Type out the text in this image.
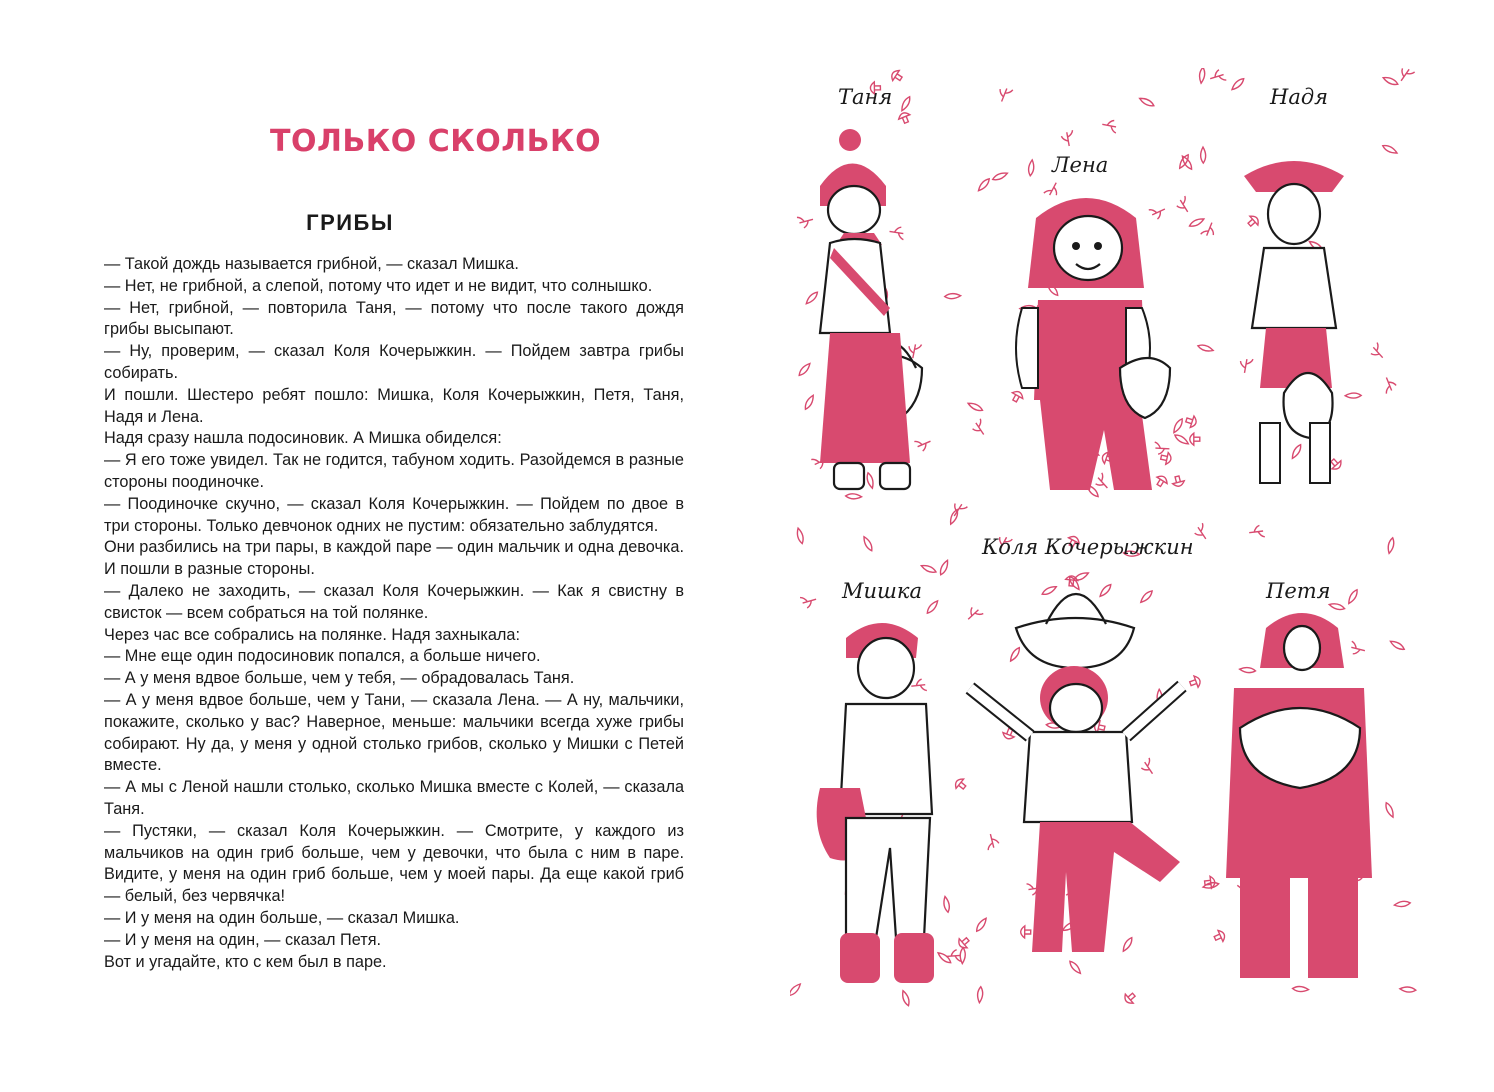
ТОЛЬКО СКОЛЬКО
ГРИБЫ

— Такой дождь называется грибной, — сказал Мишка.

— Нет, не грибной, а слепой, потому что идет и не видит, что солнышко.

— Нет, грибной, — повторила Таня, — потому что после такого дождя грибы высыпают.

— Ну, проверим, — сказал Коля Кочерыжкин. — Пойдем завтра грибы собирать.

И пошли. Шестеро ребят пошло: Мишка, Коля Кочерыжкин, Петя, Таня, Надя и Лена.

Надя сразу нашла подосиновик. А Мишка обиделся:

— Я его тоже увидел. Так не годится, табуном ходить. Разойдемся в разные стороны поодиночке.

— Поодиночке скучно, — сказал Коля Кочерыжкин. — Пойдем по двое в три стороны. Только девчонок одних не пустим: обязательно заблудятся.

Они разбились на три пары, в каждой паре — один мальчик и одна девочка. И пошли в разные стороны.

— Далеко не заходить, — сказал Коля Кочерыжкин. — Как я свистну в свисток — всем собраться на той полянке.

Через час все собрались на полянке. Надя захныкала:

— Мне еще один подосиновик попался, а больше ничего.

— А у меня вдвое больше, чем у тебя, — обрадовалась Таня.

— А у меня вдвое больше, чем у Тани, — сказала Лена. — А ну, мальчики, покажите, сколько у вас? Наверное, меньше: мальчики всегда хуже грибы собирают. Ну да, у меня у одной столько грибов, сколько у Мишки с Петей вместе.

— А мы с Леной нашли столько, сколько Мишка вместе с Колей, — сказала Таня.

— Пустяки, — сказал Коля Кочерыжкин. — Смотрите, у каждого из мальчиков на один гриб больше, чем у девочки, что была с ним в паре. Видите, у меня на один гриб больше, чем у моей пары. Да еще какой гриб — белый, без червячка!

— И у меня на один больше, — сказал Мишка.

— И у меня на один, — сказал Петя.

Вот и угадайте, кто с кем был в паре.

Таня	Надя
Лена
Коля Кочерыжкин
Мишка	Петя
